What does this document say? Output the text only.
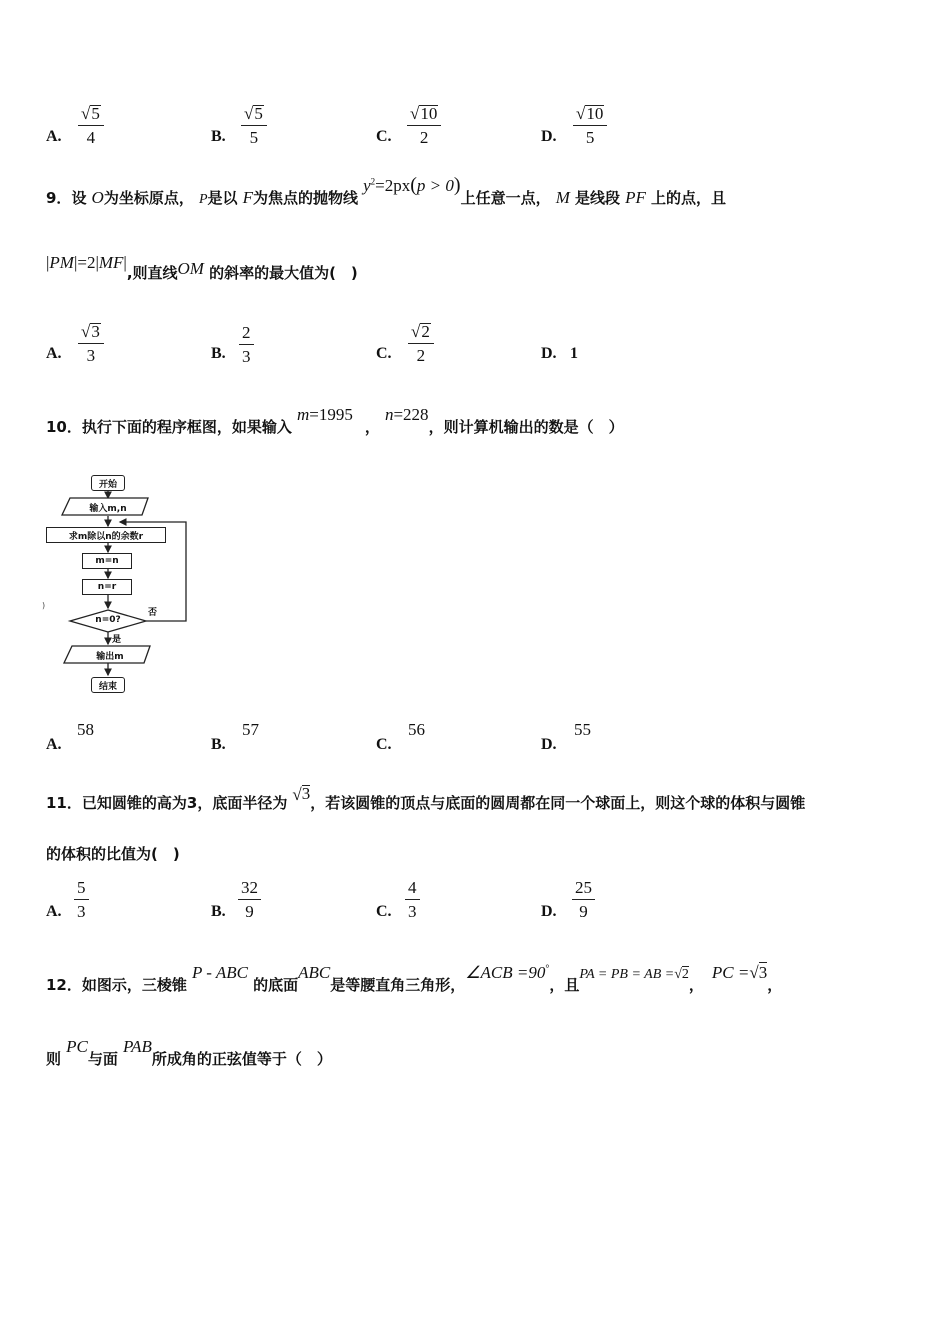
A. $\frac{√ 5}{4}$	B. $\frac{√ 5}{5}$	C. $\frac{√ 10}{2}$	D. $\frac{√ 10}{5}$
9．设 O为坐标原点， P是以 F为焦点的抛物线 $y^2=2px(p > 0)$上任意一点， M 是线段 PF 上的点，且
|PM|=2|MF|,则直线OM 的斜率的最大值为(　)
A. $\frac{√ 3}{3}$	B. $\frac{2}{3}$	C. $\frac{√ 2}{2}$	D. 1
10．执行下面的程序框图，如果输入 m=1995， n=228，则计算机输出的数是（　）
)
开始
输入m,n
求m除以n的余数r
m=n
n=r
n=0?
否
是
输出m
结束
A.
58
B.
57
C.
56
D.
55
11．已知圆锥的高为3，底面半径为 √ 3 ，若该圆锥的顶点与底面的圆周都在同一个球面上，则这个球的体积与圆锥
的体积的比值为(　)
A. $\frac{5}{3}$	B. $\frac{32}{9}$	C. $\frac{4}{3}$	D. $\frac{25}{9}$
12．如图示，三棱锥 P - ABC 的底面ABC是等腰直角三角形，∠ACB =90°，且PA = PB = AB =√2，PC =√3，
则 PC与面 PAB所成角的正弦值等于（　）
